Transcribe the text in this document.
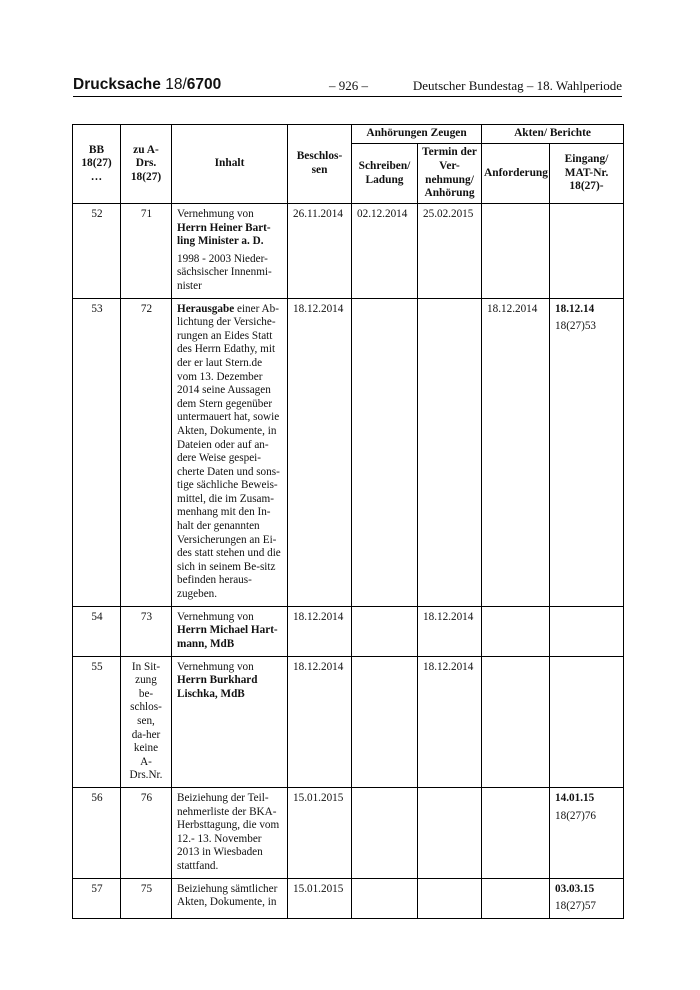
Drucksache 18/6700	– 926 –	Deutscher Bundestag – 18. Wahlperiode
BB 18(27) …	zu A-Drs. 18(27)	Inhalt	Beschlos-sen	Anhörungen Zeugen		Akten/ Berichte	

				Schreiben/ Ladung	Termin der Ver-nehmung/ Anhörung	Anforderung	Eingang/ MAT-Nr. 18(27)-

52	71	Vernehmung von
Herrn Heiner Bart-ling Minister a. D.
1998 - 2003 Nieder-sächsischer Innenmi-nister	26.11.2014	02.12.2014	25.02.2015		

53	72	Herausgabe einer Ab-lichtung der Versiche-rungen an Eides Statt des Herrn Edathy, mit der er laut Stern.de vom 13. Dezember 2014 seine Aussagen dem Stern gegenüber untermauert hat, sowie Akten, Dokumente, in Dateien oder auf an-dere Weise gespei-cherte Daten und sons-tige sächliche Beweis-mittel, die im Zusam-menhang mit den In-halt der genannten Versicherungen an Ei-des statt stehen und die sich in seinem Be-sitz befinden heraus-zugeben.	18.12.2014			18.12.2014	18.12.14
18(27)53

54	73	Vernehmung von
Herrn Michael Hart-mann, MdB	18.12.2014		18.12.2014		

55	In Sit-zung be-schlos-sen, da-her keine A-Drs.Nr.	Vernehmung von
Herrn Burkhard Lischka, MdB	18.12.2014		18.12.2014		

56	76	Beiziehung der Teil-nehmerliste der BKA-Herbsttagung, die vom 12.- 13. November 2013 in Wiesbaden stattfand.	15.01.2015				14.01.15
18(27)76

57	75	Beiziehung sämtlicher Akten, Dokumente, in	15.01.2015				03.03.15
18(27)57
